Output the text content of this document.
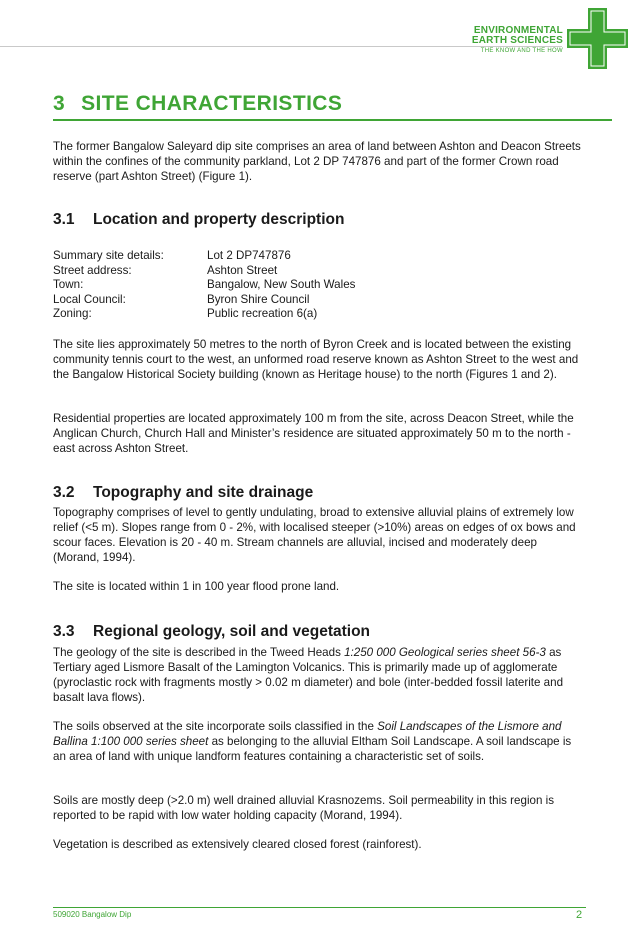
ENVIRONMENTAL
EARTH SCIENCES
THE KNOW AND THE HOW
3 SITE CHARACTERISTICS
The former Bangalow Saleyard dip site comprises an area of land between Ashton and Deacon Streets within the confines of the community parkland, Lot 2 DP 747876 and part of the former Crown road reserve (part Ashton Street) (Figure 1).
3.1 Location and property description
Summary site details:	Lot 2 DP747876
Street address:	Ashton Street
Town:	Bangalow, New South Wales
Local Council:	Byron Shire Council
Zoning:	Public recreation 6(a)
The site lies approximately 50 metres to the north of Byron Creek and is located between the existing community tennis court to the west, an unformed road reserve known as Ashton Street to the west and the Bangalow Historical Society building (known as Heritage house) to the north (Figures 1 and 2).
Residential properties are located approximately 100 m from the site, across Deacon Street, while the Anglican Church, Church Hall and Minister’s residence are situated approximately 50 m to the north - east across Ashton Street.
3.2 Topography and site drainage
Topography comprises of level to gently undulating, broad to extensive alluvial plains of extremely low relief (<5 m). Slopes range from 0 - 2%, with localised steeper (>10%) areas on edges of ox bows and scour faces. Elevation is 20 - 40 m. Stream channels are alluvial, incised and moderately deep (Morand, 1994).
The site is located within 1 in 100 year flood prone land.
3.3 Regional geology, soil and vegetation
The geology of the site is described in the Tweed Heads 1:250 000 Geological series sheet 56-3 as Tertiary aged Lismore Basalt of the Lamington Volcanics. This is primarily made up of agglomerate (pyroclastic rock with fragments mostly > 0.02 m diameter) and bole (inter-bedded fossil laterite and basalt lava flows).
The soils observed at the site incorporate soils classified in the Soil Landscapes of the Lismore and Ballina 1:100 000 series sheet as belonging to the alluvial Eltham Soil Landscape. A soil landscape is an area of land with unique landform features containing a characteristic set of soils.
Soils are mostly deep (>2.0 m) well drained alluvial Krasnozems. Soil permeability in this region is reported to be rapid with low water holding capacity (Morand, 1994).
Vegetation is described as extensively cleared closed forest (rainforest).
509020 Bangalow Dip	2
